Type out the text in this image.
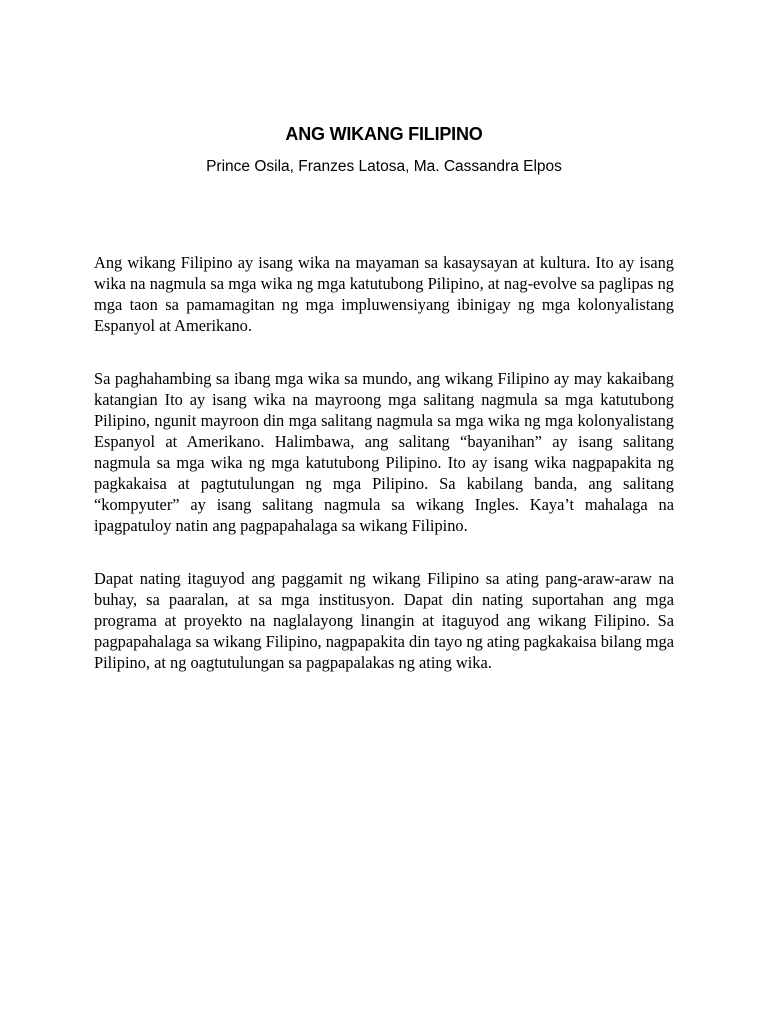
ANG WIKANG FILIPINO

Prince Osila, Franzes Latosa, Ma. Cassandra Elpos

Ang wikang Filipino ay isang wika na mayaman sa kasaysayan at kultura. Ito ay isang wika na nagmula sa mga wika ng mga katutubong Pilipino, at nag-evolve sa paglipas ng mga taon sa pamamagitan ng mga impluwensiyang ibinigay ng mga kolonyalistang Espanyol at Amerikano.

Sa paghahambing sa ibang mga wika sa mundo, ang wikang Filipino ay may kakaibang katangian Ito ay isang wika na mayroong mga salitang nagmula sa mga katutubong Pilipino, ngunit mayroon din mga salitang nagmula sa mga wika ng mga kolonyalistang Espanyol at Amerikano. Halimbawa, ang salitang “bayanihan” ay isang salitang nagmula sa mga wika ng mga katutubong Pilipino. Ito ay isang wika nagpapakita ng pagkakaisa at pagtutulungan ng mga Pilipino. Sa kabilang banda, ang salitang “kompyuter” ay isang salitang nagmula sa wikang Ingles. Kaya’t mahalaga na ipagpatuloy natin ang pagpapahalaga sa wikang Filipino.

Dapat nating itaguyod ang paggamit ng wikang Filipino sa ating pang-araw-araw na buhay, sa paaralan, at sa mga institusyon. Dapat din nating suportahan ang mga programa at proyekto na naglalayong linangin at itaguyod ang wikang Filipino. Sa pagpapahalaga sa wikang Filipino, nagpapakita din tayo ng ating pagkakaisa bilang mga Pilipino, at ng oagtutulungan sa pagpapalakas ng ating wika.
